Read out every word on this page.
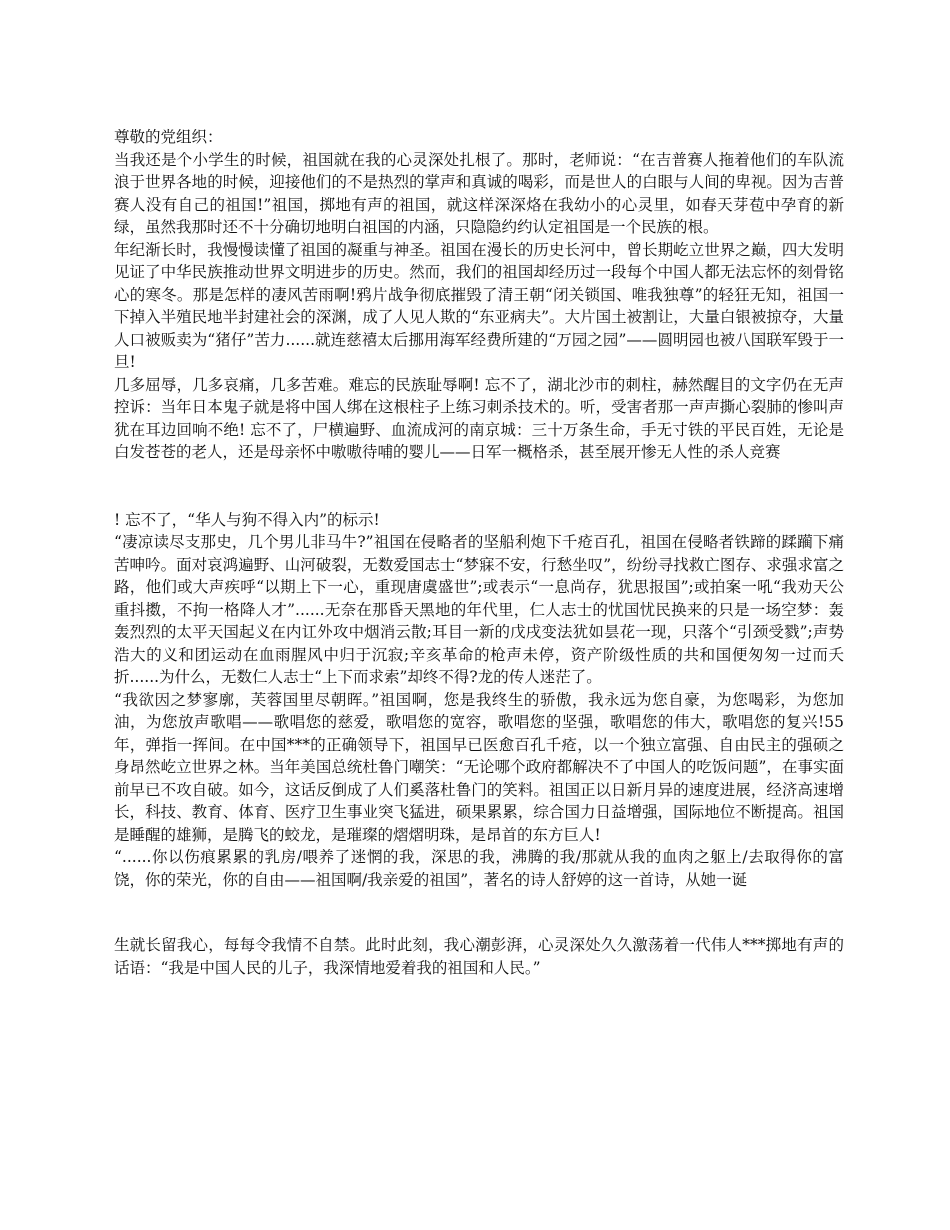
尊敬的党组织：

当我还是个小学生的时候，祖国就在我的心灵深处扎根了。那时，老师说：“在吉普赛人拖着他们的车队流浪于世界各地的时候，迎接他们的不是热烈的掌声和真诚的喝彩，而是世人的白眼与人间的卑视。因为吉普赛人没有自己的祖国!”祖国，掷地有声的祖国，就这样深深烙在我幼小的心灵里，如春天芽苞中孕育的新绿，虽然我那时还不十分确切地明白祖国的内涵，只隐隐约约认定祖国是一个民族的根。

年纪渐长时，我慢慢读懂了祖国的凝重与神圣。祖国在漫长的历史长河中，曾长期屹立世界之巅，四大发明见证了中华民族推动世界文明进步的历史。然而，我们的祖国却经历过一段每个中国人都无法忘怀的刻骨铭心的寒冬。那是怎样的凄风苦雨啊!鸦片战争彻底摧毁了清王朝“闭关锁国、唯我独尊”的轻狂无知，祖国一下掉入半殖民地半封建社会的深渊，成了人见人欺的“东亚病夫”。大片国土被割让，大量白银被掠夺，大量人口被贩卖为“猪仔”苦力......就连慈禧太后挪用海军经费所建的“万园之园”——圆明园也被八国联军毁于一旦!

几多屈辱，几多哀痛，几多苦难。难忘的民族耻辱啊! 忘不了，湖北沙市的刺柱，赫然醒目的文字仍在无声控诉：当年日本鬼子就是将中国人绑在这根柱子上练习刺杀技术的。听，受害者那一声声撕心裂肺的惨叫声犹在耳边回响不绝! 忘不了，尸横遍野、血流成河的南京城：三十万条生命，手无寸铁的平民百姓，无论是白发苍苍的老人，还是母亲怀中嗷嗷待哺的婴儿——日军一概格杀，甚至展开惨无人性的杀人竞赛

! 忘不了，“华人与狗不得入内”的标示!

“凄凉读尽支那史，几个男儿非马牛?”祖国在侵略者的坚船利炮下千疮百孔，祖国在侵略者铁蹄的蹂躏下痛苦呻吟。面对哀鸿遍野、山河破裂，无数爱国志士“梦寐不安，行愁坐叹”，纷纷寻找救亡图存、求强求富之路，他们或大声疾呼“以期上下一心，重现唐虞盛世”;或表示“一息尚存，犹思报国”;或拍案一吼“我劝天公重抖擞，不拘一格降人才”......无奈在那昏天黑地的年代里，仁人志士的忧国忧民换来的只是一场空梦：轰轰烈烈的太平天国起义在内讧外攻中烟消云散;耳目一新的戊戌变法犹如昙花一现，只落个“引颈受戮”;声势浩大的义和团运动在血雨腥风中归于沉寂;辛亥革命的枪声未停，资产阶级性质的共和国便匆匆一过而夭折......为什么，无数仁人志士“上下而求索”却终不得?龙的传人迷茫了。

“我欲因之梦寥廓，芙蓉国里尽朝晖。”祖国啊，您是我终生的骄傲，我永远为您自豪，为您喝彩，为您加油，为您放声歌唱——歌唱您的慈爱，歌唱您的宽容，歌唱您的坚强，歌唱您的伟大，歌唱您的复兴!55 年，弹指一挥间。在中国***的正确领导下，祖国早已医愈百孔千疮，以一个独立富强、自由民主的强硕之身昂然屹立世界之林。当年美国总统杜鲁门嘲笑：“无论哪个政府都解决不了中国人的吃饭问题”，在事实面前早已不攻自破。如今，这话反倒成了人们奚落杜鲁门的笑料。祖国正以日新月异的速度进展，经济高速增长，科技、教育、体育、医疗卫生事业突飞猛进，硕果累累，综合国力日益增强，国际地位不断提高。祖国是睡醒的雄狮，是腾飞的蛟龙，是璀璨的熠熠明珠，是昂首的东方巨人!

“......你以伤痕累累的乳房/喂养了迷惘的我，深思的我，沸腾的我/那就从我的血肉之躯上/去取得你的富饶，你的荣光，你的自由——祖国啊/我亲爱的祖国”，著名的诗人舒婷的这一首诗，从她一诞

生就长留我心，每每令我情不自禁。此时此刻，我心潮彭湃，心灵深处久久激荡着一代伟人***掷地有声的话语：“我是中国人民的儿子，我深情地爱着我的祖国和人民。”
